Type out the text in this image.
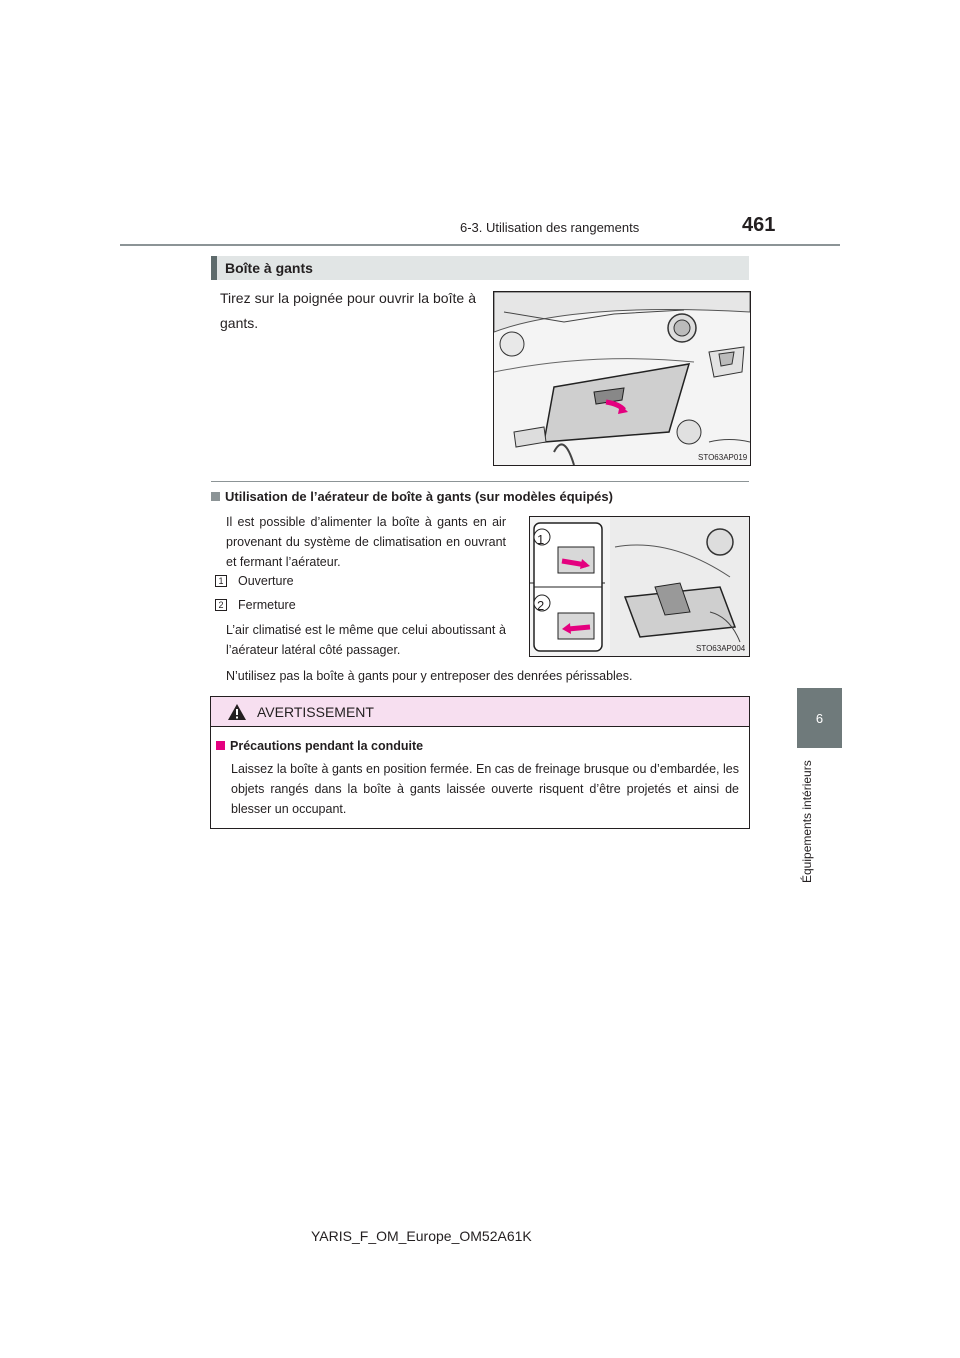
6-3. Utilisation des rangements	461
6
Équipements intérieurs
Boîte à gants
Tirez sur la poignée pour ouvrir la boîte à gants.
STO63AP019
Utilisation de l’aérateur de boîte à gants (sur modèles équipés)
Il est possible d’alimenter la boîte à gants en air provenant du système de climatisation en ouvrant et fermant l’aérateur.
1 Ouverture
2 Fermeture
L’air climatisé est le même que celui aboutissant à l’aérateur latéral côté passager.
N’utilisez pas la boîte à gants pour y entreposer des denrées périssables.
1
2
STO63AP004
AVERTISSEMENT
Précautions pendant la conduite
Laissez la boîte à gants en position fermée. En cas de freinage brusque ou d’embardée, les objets rangés dans la boîte à gants laissée ouverte risquent d’être projetés et ainsi de blesser un occupant.
YARIS_F_OM_Europe_OM52A61K
